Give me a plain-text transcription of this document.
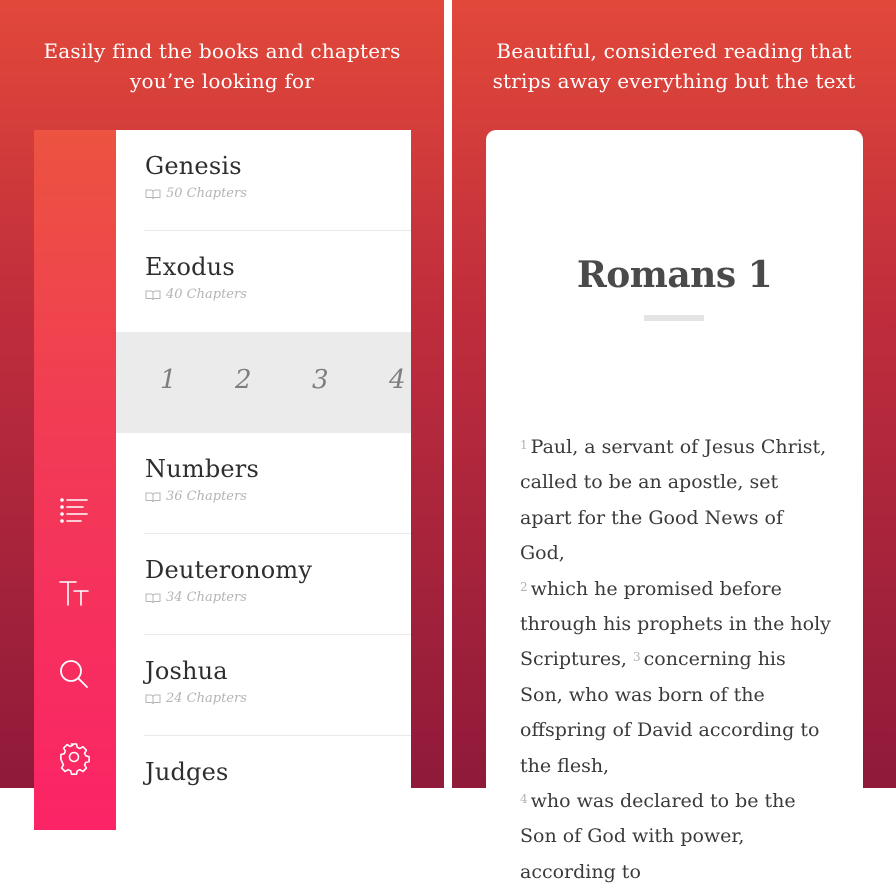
Easily find the books and chapters you’re looking for
Genesis
50 Chapters
Exodus
40 Chapters
1 2 3 4
Numbers
36 Chapters
Deuteronomy
34 Chapters
Joshua
24 Chapters
Judges
Beautiful, considered reading that strips away everything but the text
Romans 1
$^1$ Paul, a servant of Jesus Christ, called to be an apostle, set apart for the Good News of God,
$^2$ which he promised before through his prophets in the holy Scriptures, $^3$ concerning his Son, who was born of the offspring of David according to the flesh,
$^4$ who was declared to be the Son of God with power, according to
